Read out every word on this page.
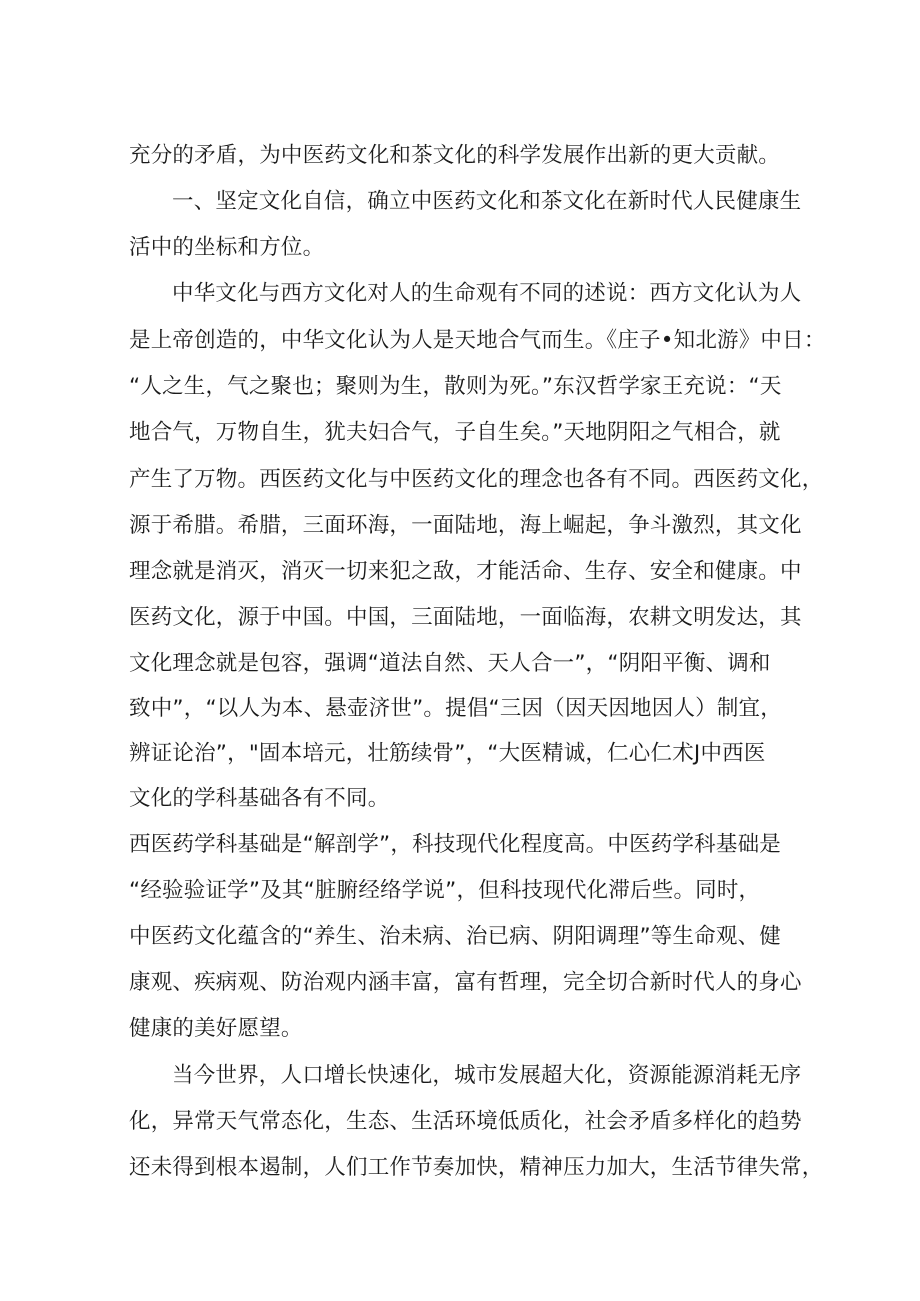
充分的矛盾，为中医药文化和茶文化的科学发展作出新的更大贡献。
一、坚定文化自信，确立中医药文化和茶文化在新时代人民健康生
活中的坐标和方位。
中华文化与西方文化对人的生命观有不同的述说：西方文化认为人
是上帝创造的，中华文化认为人是天地合气而生。《庄子•知北游》中日：
“人之生，气之聚也；聚则为生，散则为死。”东汉哲学家王充说：“天
地合气，万物自生，犹夫妇合气，子自生矣。”天地阴阳之气相合，就
产生了万物。西医药文化与中医药文化的理念也各有不同。西医药文化，
源于希腊。希腊，三面环海，一面陆地，海上崛起，争斗激烈，其文化
理念就是消灭，消灭一切来犯之敌，才能活命、生存、安全和健康。中
医药文化，源于中国。中国，三面陆地，一面临海，农耕文明发达，其
文化理念就是包容，强调“道法自然、天人合一”，“阴阳平衡、调和
致中”，“以人为本、悬壶济世”。提倡“三因（因天因地因人）制宜，
辨证论治”，"固本培元，壮筋续骨”，“大医精诚，仁心仁术J中西医
文化的学科基础各有不同。
西医药学科基础是“解剖学”，科技现代化程度高。中医药学科基础是
“经验验证学”及其“脏腑经络学说”，但科技现代化滞后些。同时，
中医药文化蕴含的“养生、治未病、治已病、阴阳调理”等生命观、健
康观、疾病观、防治观内涵丰富，富有哲理，完全切合新时代人的身心
健康的美好愿望。
当今世界，人口增长快速化，城市发展超大化，资源能源消耗无序
化，异常天气常态化，生态、生活环境低质化，社会矛盾多样化的趋势
还未得到根本遏制，人们工作节奏加快，精神压力加大，生活节律失常，
